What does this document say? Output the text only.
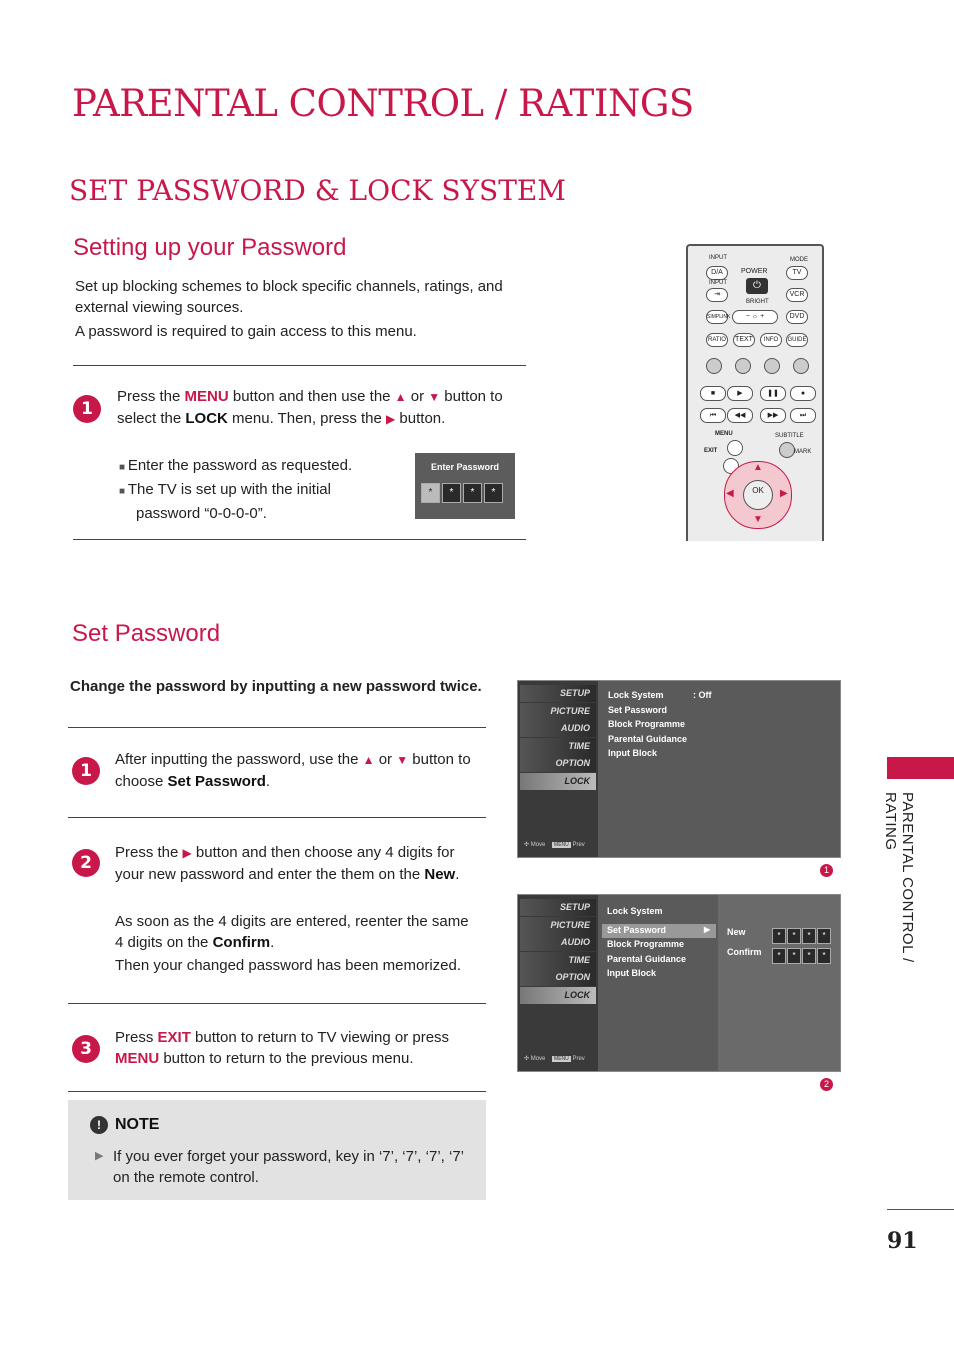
PARENTAL CONTROL / RATINGS
SET PASSWORD & LOCK SYSTEM
Setting up your Password
Set up blocking schemes to block specific channels, ratings, and external viewing sources.
A password is required to gain access to this menu.
1
Press the MENU button and then use the ▲ or ▼ button to select the LOCK menu. Then, press the ▶ button.
■ Enter the password as requested.
■ The TV is set up with the initial
password “0-0-0-0”.
Enter Password
* * * *
INPUT	MODE
D/A	POWER
⏻
TV
INPUT
⇥
BRIGHT
VCR
SIMPLINK	− ☼ +	DVD
RATIO TEXT	INFO	GUIDE
■	▶	❚❚	●
⏮	◀◀	▶▶	⏭
MENU	SUBTITLE
EXIT	MARK
▲
▼
◀	▶
OK
Set Password
Change the password by inputting a new password twice.
1
After inputting the password, use the ▲ or ▼ button to choose Set Password.
2
Press the ▶ button and then choose any 4 digits for your new password and enter the them on the New.
As soon as the 4 digits are entered, reenter the same 4 digits on the Confirm.
Then your changed password has been memorized.
3
Press EXIT button to return to TV viewing or press MENU button to return to the previous menu.
! NOTE
▶ If you ever forget your password, key in ‘7’, ‘7’, ‘7’, ‘7’ on the remote control.
SETUP
PICTURE
AUDIO
TIME
OPTION
LOCK
✣ Move MENU Prev
Lock System	: Off
Set Password
Block Programme
Parental Guidance
Input Block
1
SETUP
PICTURE
AUDIO
TIME
OPTION
LOCK
✣ Move MENU Prev
Lock System
Set Password	▶
Block Programme
Parental Guidance
Input Block
New
Confirm
* * * *
* * * *
2
PARENTAL CONTROL / RATING
91
